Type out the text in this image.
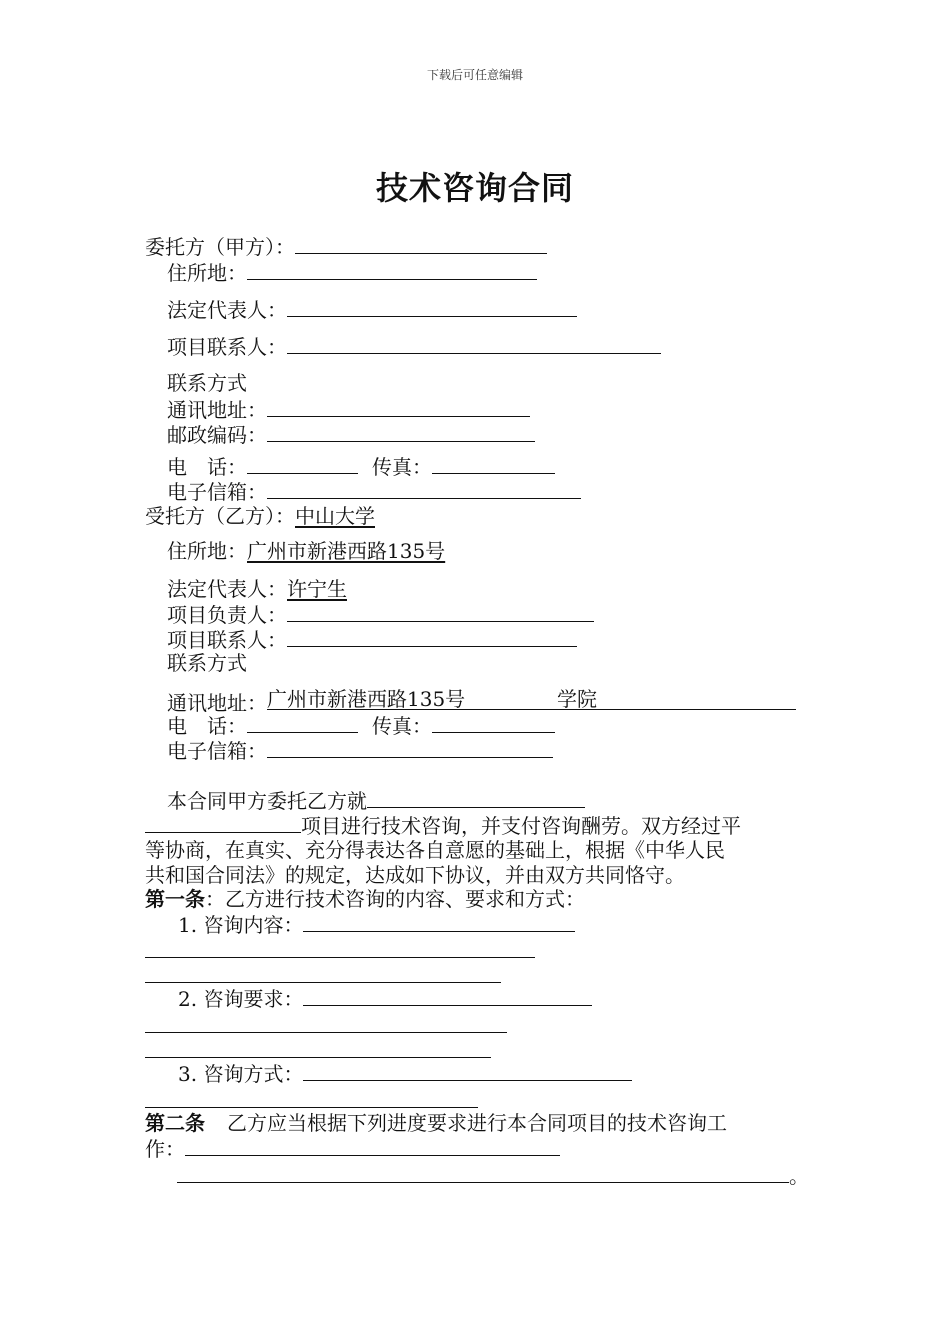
下载后可任意编辑
技术咨询合同
委托方（甲方）：
住所地：
法定代表人：
项目联系人：
联系方式
通讯地址：
邮政编码：
电　话：	传真：
电子信箱：
受托方（乙方）：中山大学
住所地：广州市新港西路135号
法定代表人：许宁生
项目负责人：
项目联系人：
联系方式
通讯地址： 广州市新港西路135号	学院
电　话：	传真：
电子信箱：
本合同甲方委托乙方就
项目进行技术咨询，并支付咨询酬劳。双方经过平
等协商，在真实、充分得表达各自意愿的基础上，根据《中华人民
共和国合同法》的规定，达成如下协议，并由双方共同恪守。
第一条：乙方进行技术咨询的内容、要求和方式：
1. 咨询内容：
2. 咨询要求：
3. 咨询方式：
第二条 乙方应当根据下列进度要求进行本合同项目的技术咨询工
作：
。
